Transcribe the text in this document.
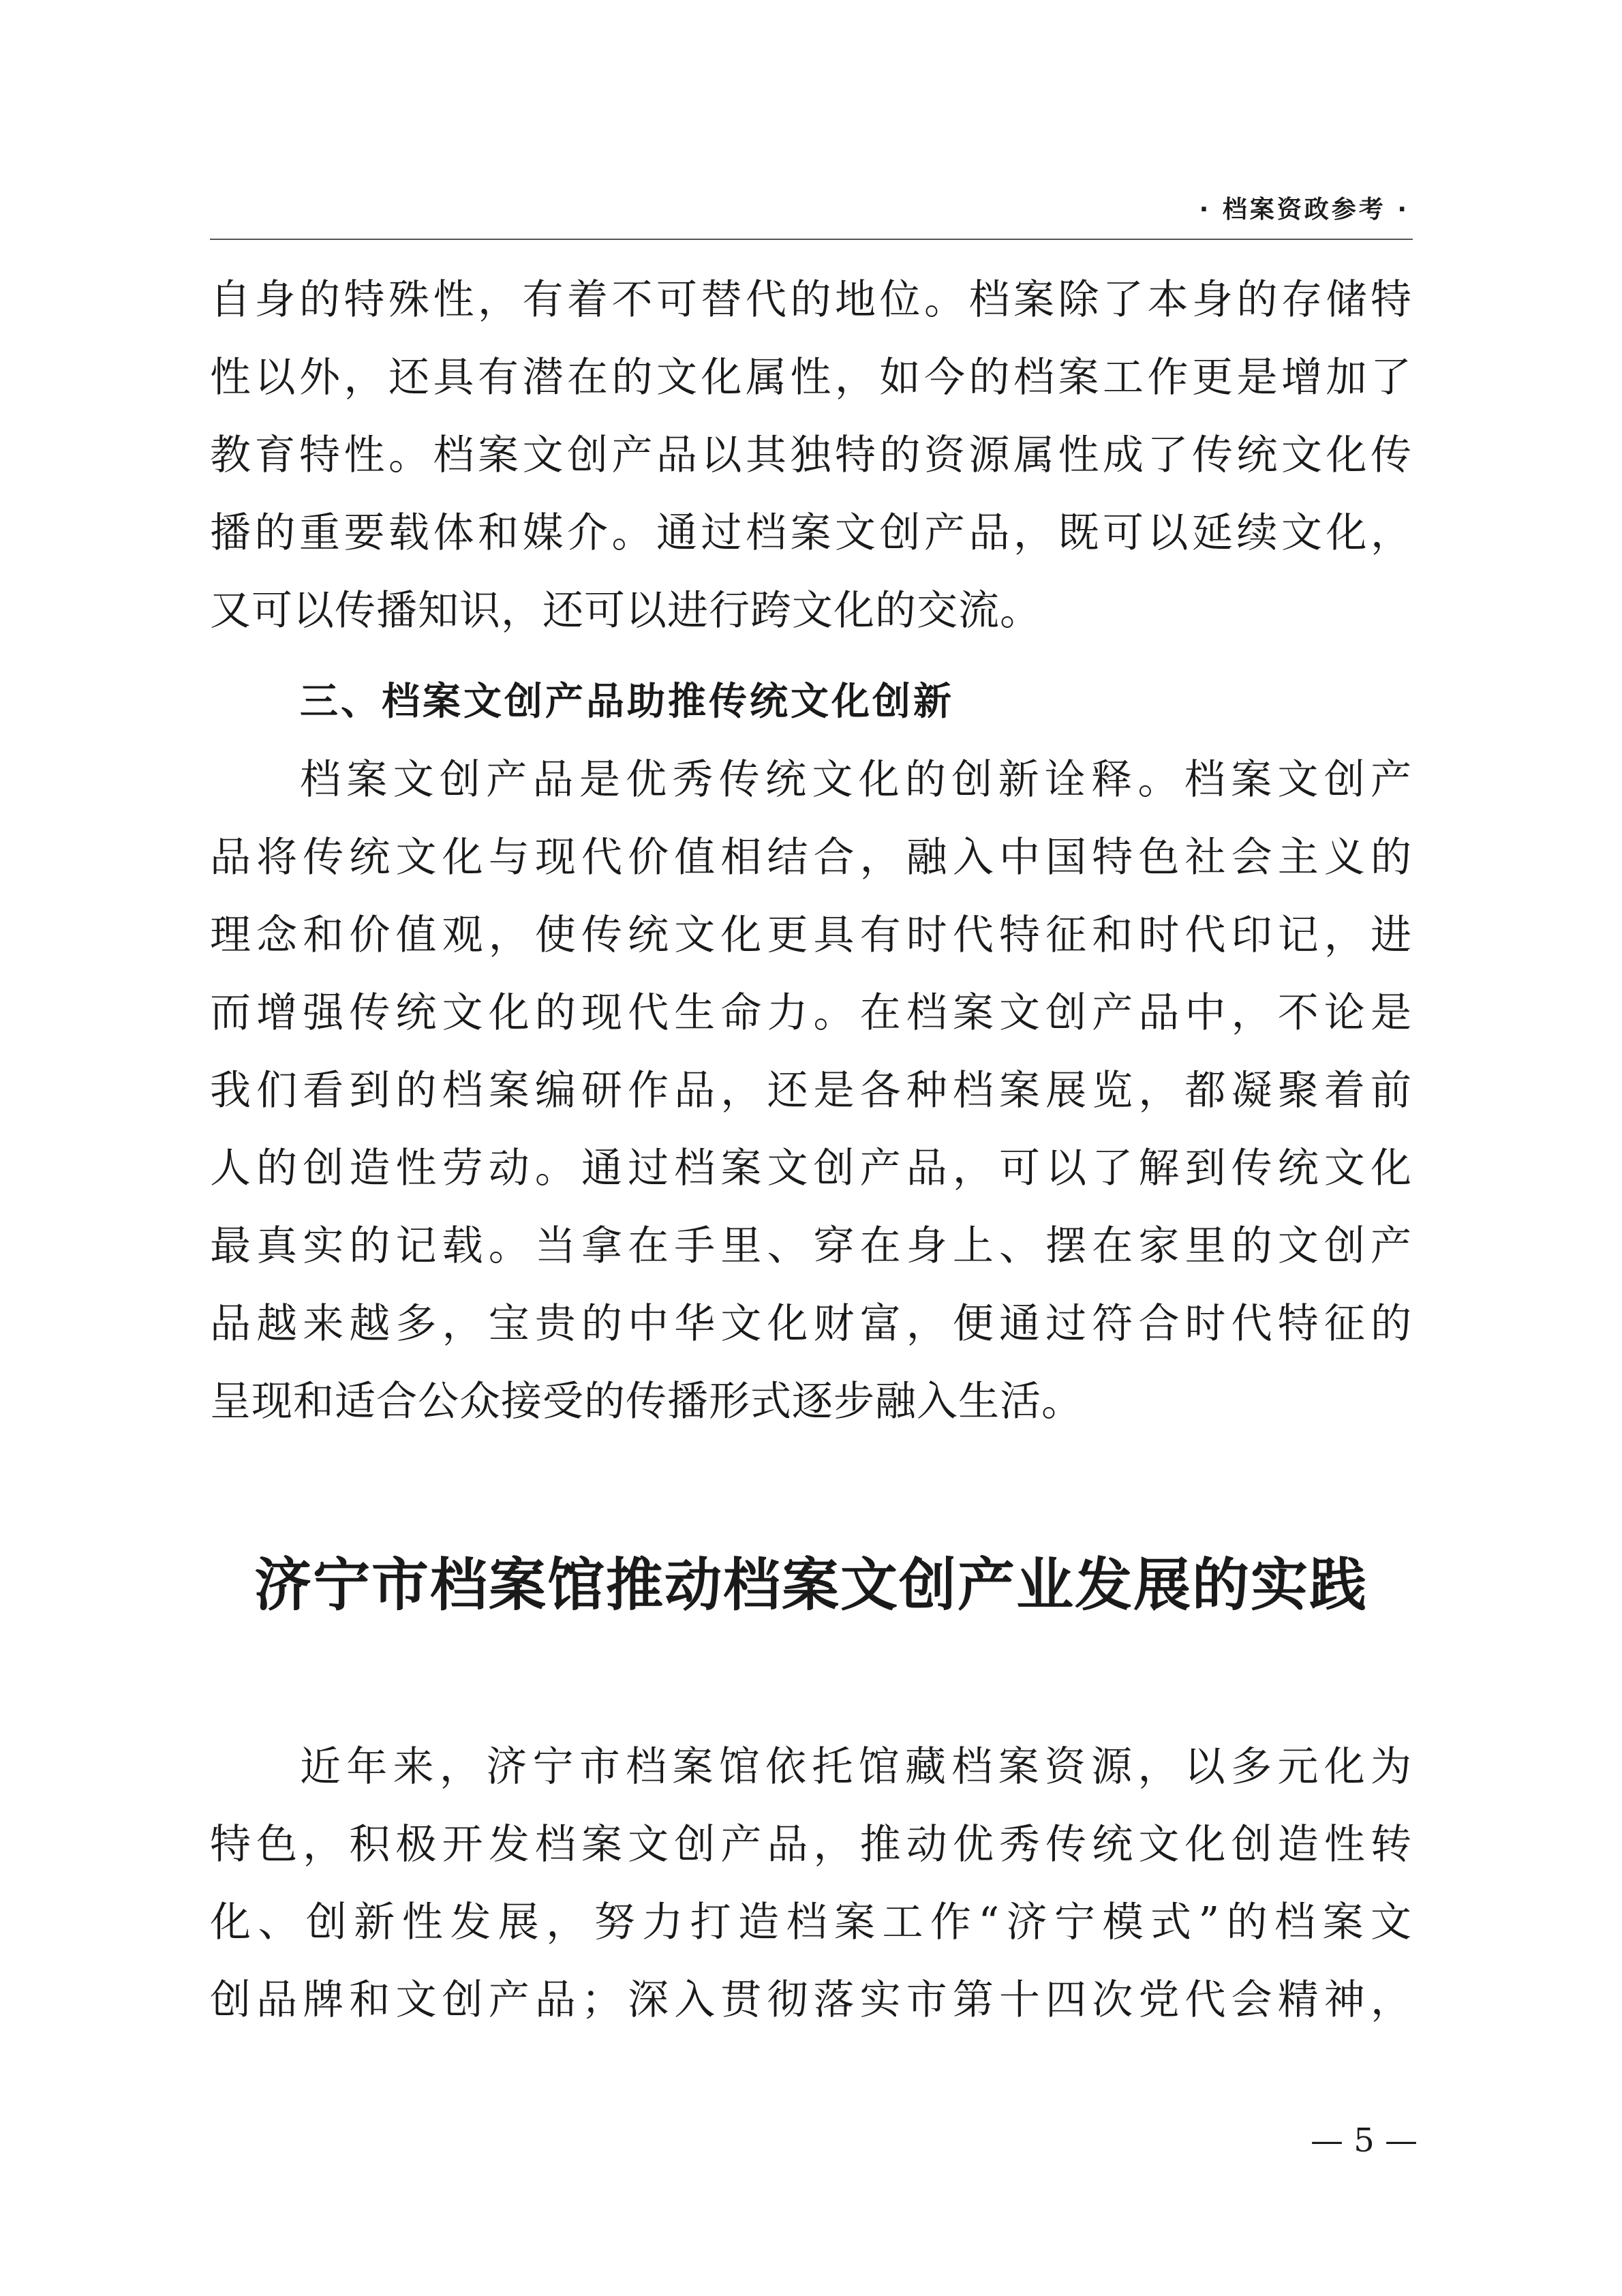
· 档案资政参考 ·
自身的特殊性，有着不可替代的地位。档案除了本身的存储特
性以外，还具有潜在的文化属性，如今的档案工作更是增加了
教育特性。档案文创产品以其独特的资源属性成了传统文化传
播的重要载体和媒介。通过档案文创产品，既可以延续文化，
又可以传播知识，还可以进行跨文化的交流。
三、档案文创产品助推传统文化创新
档案文创产品是优秀传统文化的创新诠释。档案文创产
品将传统文化与现代价值相结合，融入中国特色社会主义的
理念和价值观，使传统文化更具有时代特征和时代印记，进
而增强传统文化的现代生命力。在档案文创产品中，不论是
我们看到的档案编研作品，还是各种档案展览，都凝聚着前
人的创造性劳动。通过档案文创产品，可以了解到传统文化
最真实的记载。当拿在手里、穿在身上、摆在家里的文创产
品越来越多，宝贵的中华文化财富，便通过符合时代特征的
呈现和适合公众接受的传播形式逐步融入生活。
济宁市档案馆推动档案文创产业发展的实践
近年来，济宁市档案馆依托馆藏档案资源，以多元化为
特色，积极开发档案文创产品，推动优秀传统文化创造性转
化、创新性发展，努力打造档案工作“济宁模式”的档案文
创品牌和文创产品；深入贯彻落实市第十四次党代会精神，
— 5 —
